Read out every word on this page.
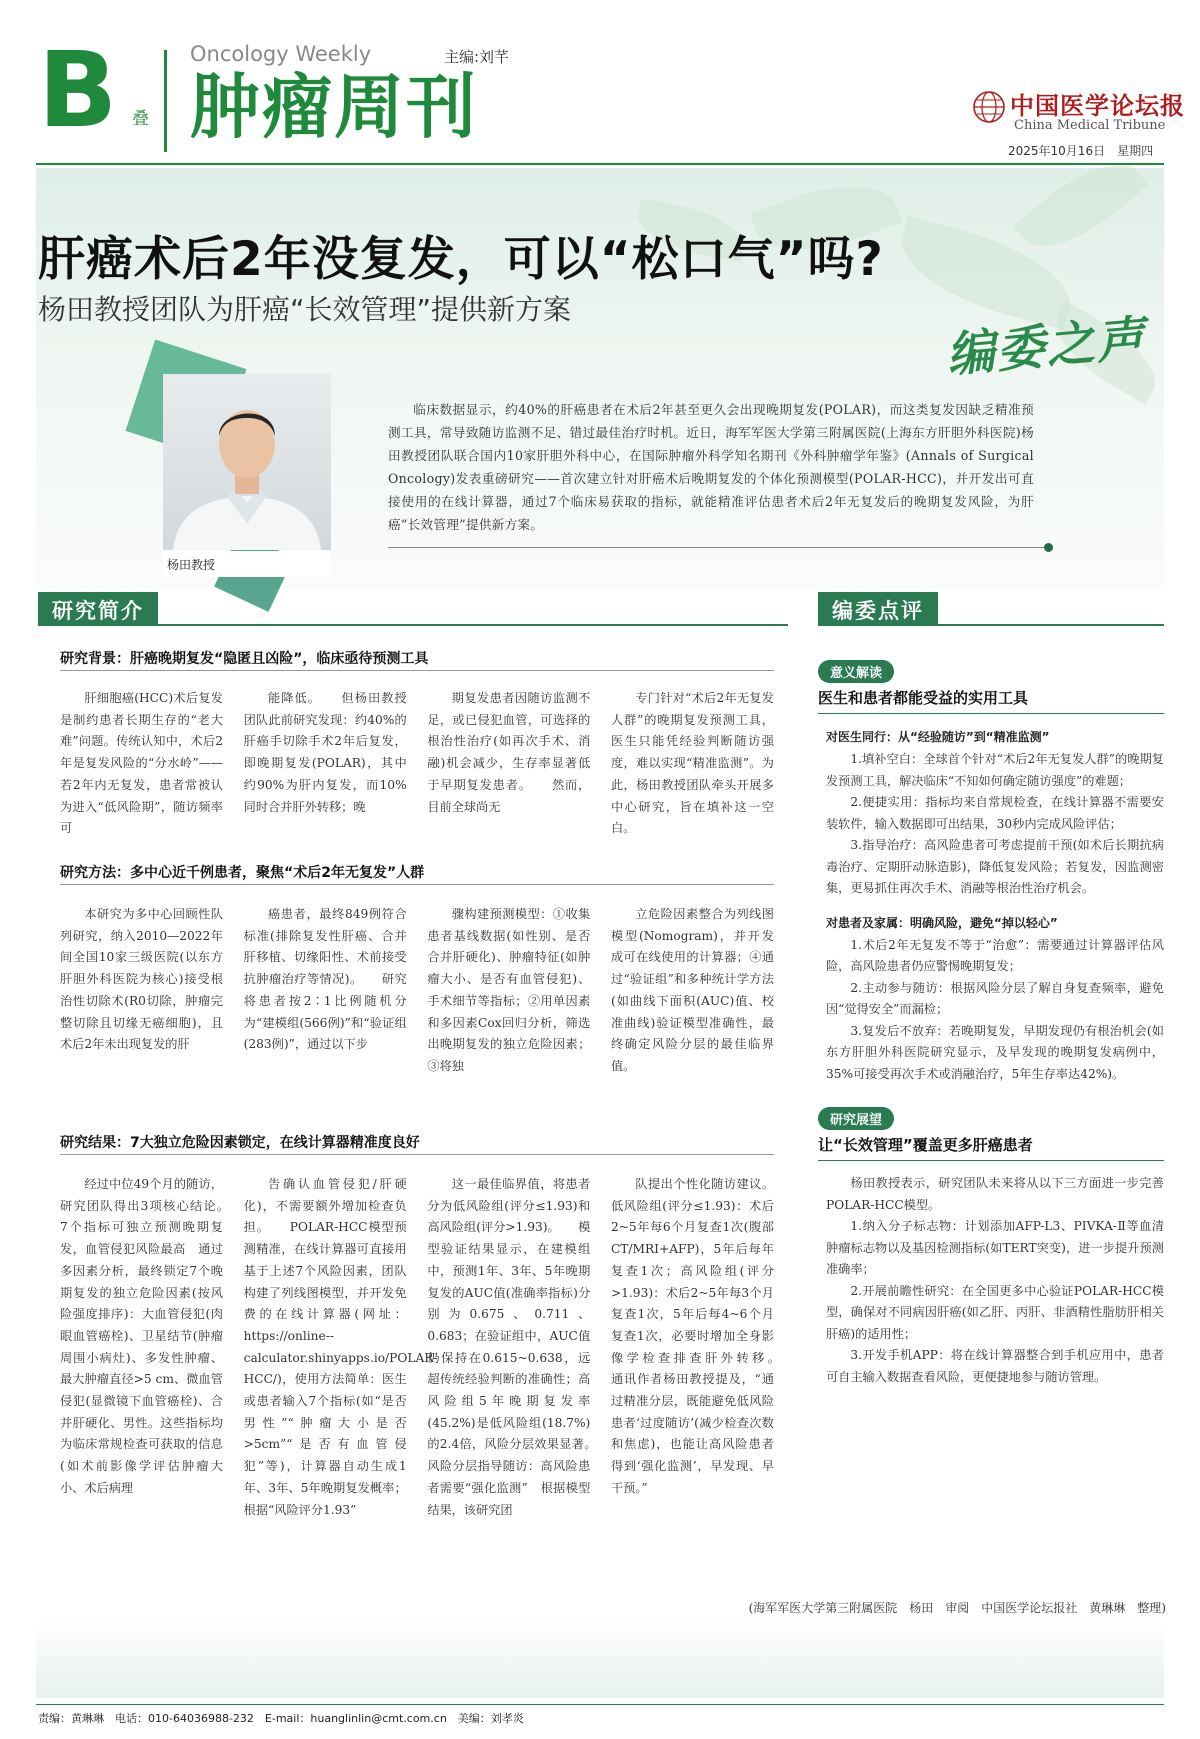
B 叠
Oncology Weekly
肿瘤周刊
主编:刘芊
中国医学论坛报
China Medical Tribune
2025年10月16日　星期四
肝癌术后2年没复发，可以“松口气”吗?
杨田教授团队为肝癌“长效管理”提供新方案
编委之声
杨田教授
临床数据显示，约40%的肝癌患者在术后2年甚至更久会出现晚期复发(POLAR)，而这类复发因缺乏精准预测工具，常导致随访监测不足、错过最佳治疗时机。近日，海军军医大学第三附属医院(上海东方肝胆外科医院)杨田教授团队联合国内10家肝胆外科中心，在国际肿瘤外科学知名期刊《外科肿瘤学年鉴》(Annals of Surgical Oncology)发表重磅研究——首次建立针对肝癌术后晚期复发的个体化预测模型(POLAR-HCC)，并开发出可直接使用的在线计算器，通过7个临床易获取的指标，就能精准评估患者术后2年无复发后的晚期复发风险，为肝癌“长效管理”提供新方案。
研究简介
研究背景：肝癌晚期复发“隐匿且凶险”，临床亟待预测工具

肝细胞癌(HCC)术后复发是制约患者长期生存的“老大难”问题。传统认知中，术后2年是复发风险的“分水岭”——若2年内无复发，患者常被认为进入“低风险期”，随访频率可

能降低。　　但杨田教授团队此前研究发现：约40%的肝癌手切除手术2年后复发，即晚期复发(POLAR)，其中约90%为肝内复发，而10%同时合并肝外转移；晚

期复发患者因随访监测不足，或已侵犯血管，可选择的根治性治疗(如再次手术、消融)机会减少，生存率显著低于早期复发患者。　　然而，目前全球尚无

专门针对“术后2年无复发人群”的晚期复发预测工具，医生只能凭经验判断随访强度，难以实现“精准监测”。为此，杨田教授团队牵头开展多中心研究，旨在填补这一空白。

研究方法：多中心近千例患者，聚焦“术后2年无复发”人群

本研究为多中心回顾性队列研究，纳入2010—2022年间全国10家三级医院(以东方肝胆外科医院为核心)接受根治性切除术(R0切除，肿瘤完整切除且切缘无癌细胞)，且术后2年未出现复发的肝

癌患者，最终849例符合标准(排除复发性肝癌、合并肝移植、切缘阳性、术前接受抗肿瘤治疗等情况)。　　研究将患者按2∶1比例随机分为“建模组(566例)”和“验证组(283例)”，通过以下步

骤构建预测模型：①收集患者基线数据(如性别、是否合并肝硬化)、肿瘤特征(如肿瘤大小、是否有血管侵犯)、手术细节等指标；②用单因素和多因素Cox回归分析，筛选出晚期复发的独立危险因素；③将独

立危险因素整合为列线图模型(Nomogram)，并开发成可在线使用的计算器；④通过“验证组”和多种统计学方法(如曲线下面积(AUC)值、校准曲线)验证模型准确性，最终确定风险分层的最佳临界值。

研究结果：7大独立危险因素锁定，在线计算器精准度良好

经过中位49个月的随访，研究团队得出3项核心结论。　　7个指标可独立预测晚期复发，血管侵犯风险最高　通过多因素分析，最终锁定7个晚期复发的独立危险因素(按风险强度排序)：大血管侵犯(肉眼血管癌栓)、卫星结节(肿瘤周围小病灶)、多发性肿瘤、最大肿瘤直径>5 cm、微血管侵犯(显微镜下血管癌栓)、合并肝硬化、男性。这些指标均为临床常规检查可获取的信息(如术前影像学评估肿瘤大小、术后病理

告确认血管侵犯/肝硬化)，不需要额外增加检查负担。　　POLAR-HCC模型预测精准，在线计算器可直接用　基于上述7个风险因素，团队构建了列线图模型，并开发免费的在线计算器(网址：https://online--calculator.shinyapps.io/POLAR-HCC/)，使用方法简单：医生或患者输入7个指标(如“是否男性”“肿瘤大小是否>5cm”“是否有血管侵犯”等)，计算器自动生成1年、3年、5年晚期复发概率；根据“风险评分1.93”

这一最佳临界值，将患者分为低风险组(评分≤1.93)和高风险组(评分>1.93)。　　模型验证结果显示，在建模组中，预测1年、3年、5年晚期复发的AUC值(准确率指标)分别为0.675、0.711、0.683；在验证组中，AUC值仍保持在0.615~0.638，远超传统经验判断的准确性；高风险组5年晚期复发率(45.2%)是低风险组(18.7%)的2.4倍，风险分层效果显著。　　风险分层指导随访：高风险患者需要“强化监测”　根据模型结果，该研究团

队提出个性化随访建议。低风险组(评分≤1.93)：术后2~5年每6个月复查1次(腹部CT/MRI+AFP)，5年后每年复查1次；高风险组(评分>1.93)：术后2~5年每3个月复查1次，5年后每4~6个月复查1次，必要时增加全身影像学检查排查肝外转移。　　通讯作者杨田教授提及，“通过精准分层，既能避免低风险患者‘过度随访’(减少检查次数和焦虑)，也能让高风险患者得到‘强化监测’，早发现、早干预。”

编委点评
意义解读
医生和患者都能受益的实用工具
对医生同行：从“经验随访”到“精准监测”

1.填补空白：全球首个针对“术后2年无复发人群”的晚期复发预测工具，解决临床“不知如何确定随访强度”的难题；

2.便捷实用：指标均来自常规检查，在线计算器不需要安装软件，输入数据即可出结果，30秒内完成风险评估；

3.指导治疗：高风险患者可考虑提前干预(如术后长期抗病毒治疗、定期肝动脉造影)，降低复发风险；若复发，因监测密集，更易抓住再次手术、消融等根治性治疗机会。

对患者及家属：明确风险，避免“掉以轻心”

1.术后2年无复发不等于“治愈”：需要通过计算器评估风险，高风险患者仍应警惕晚期复发；

2.主动参与随访：根据风险分层了解自身复查频率，避免因“觉得安全”而漏检；

3.复发后不放弃：若晚期复发，早期发现仍有根治机会(如东方肝胆外科医院研究显示，及早发现的晚期复发病例中，35%可接受再次手术或消融治疗，5年生存率达42%)。

研究展望
让“长效管理”覆盖更多肝癌患者

杨田教授表示，研究团队未来将从以下三方面进一步完善POLAR-HCC模型。

1.纳入分子标志物：计划添加AFP-L3、PIVKA-Ⅱ等血清肿瘤标志物以及基因检测指标(如TERT突变)，进一步提升预测准确率；

2.开展前瞻性研究：在全国更多中心验证POLAR-HCC模型，确保对不同病因肝癌(如乙肝、丙肝、非酒精性脂肪肝相关肝癌)的适用性；

3.开发手机APP：将在线计算器整合到手机应用中，患者可自主输入数据查看风险，更便捷地参与随访管理。

(海军军医大学第三附属医院　杨田　审阅　中国医学论坛报社　黄琳琳　整理)
责编：黄琳琳　电话：010-64036988-232　E-mail：huanglinlin@cmt.com.cn　美编：刘孝炎
